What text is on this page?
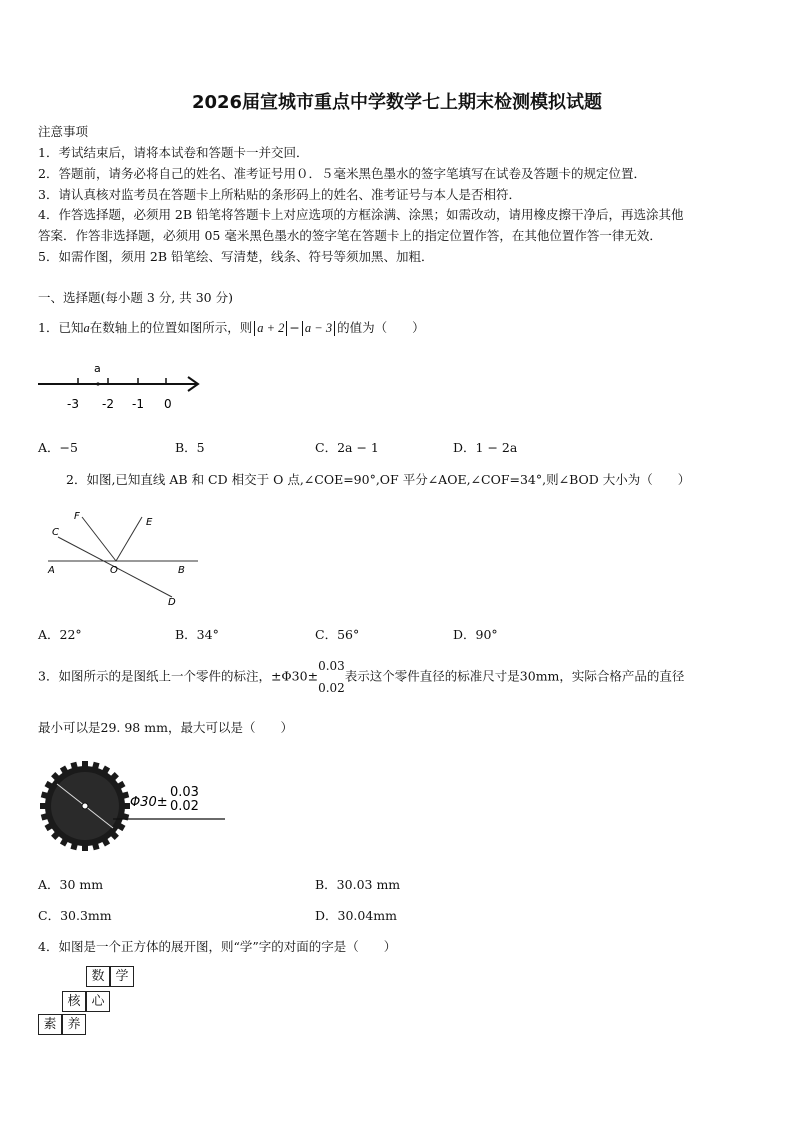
2026届宣城市重点中学数学七上期末检测模拟试题
注意事项
1．考试结束后，请将本试卷和答题卡一并交回．
2．答题前，请务必将自己的姓名、准考证号用０．５毫米黑色墨水的签字笔填写在试卷及答题卡的规定位置．
3．请认真核对监考员在答题卡上所粘贴的条形码上的姓名、准考证号与本人是否相符．
4．作答选择题，必须用 2B 铅笔将答题卡上对应选项的方框涂满、涂黑；如需改动，请用橡皮擦干净后，再选涂其他
答案．作答非选择题，必须用 05 毫米黑色墨水的签字笔在答题卡上的指定位置作答，在其他位置作答一律无效．
5．如需作图，须用 2B 铅笔绘、写清楚，线条、符号等须加黑、加粗．
一、选择题(每小题 3 分, 共 30 分)
1．已知a在数轴上的位置如图所示，则 a + 2 − a − 3 的值为（　　）
a
-3 -2 -1 0
A．−5	B．5	C．2a − 1	D．1 − 2a
2．如图,已知直线 AB 和 CD 相交于 O 点,∠COE=90°,OF 平分∠AOE,∠COF=34°,则∠BOD 大小为（　　）
A	B
C
D
E
F
O
A．22°	B．34°	C．56°	D．90°
3．如图所示的是图纸上一个零件的标注，±Φ30±
0.03
0.02
表示这个零件直径的标准尺寸是30mm，实际合格产品的直径
最小可以是29. 98 mm，最大可以是（　　）
Φ30±
0.03
0.02
A．30 mm	B．30.03 mm
C．30.3mm	D．30.04mm
4．如图是一个正方体的展开图，则“学”字的对面的字是（　　）
数 学
核 心
素 养
